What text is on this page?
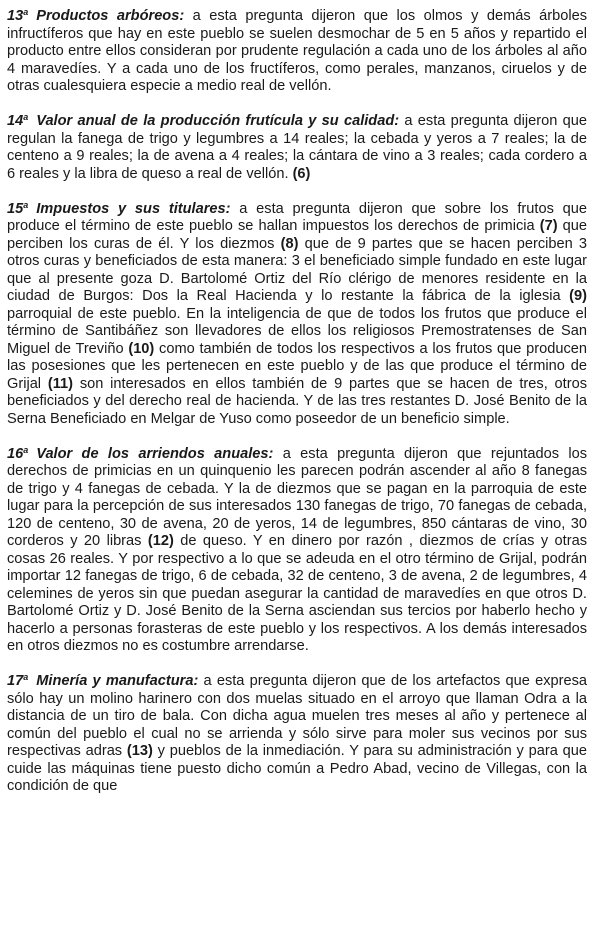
13$^a$ Productos arbóreos: a esta pregunta dijeron que los olmos y demás árboles infructíferos que hay en este pueblo se suelen desmochar de 5 en 5 años y repartido el producto entre ellos consideran por prudente regulación a cada uno de los árboles al año 4 maravedíes. Y a cada uno de los fructíferos, como perales, manzanos, ciruelos y de otras cualesquiera especie a medio real de vellón.

14$^a$ Valor anual de la producción frutícula y su calidad: a esta pregunta dijeron que regulan la fanega de trigo y legumbres a 14 reales; la cebada y yeros a 7 reales; la de centeno a 9 reales; la de avena a 4 reales; la cántara de vino a 3 reales; cada cordero a 6 reales y la libra de queso a real de vellón. (6)

15$^a$ Impuestos y sus titulares: a esta pregunta dijeron que sobre los frutos que produce el término de este pueblo se hallan impuestos los derechos de primicia (7) que perciben los curas de él. Y los diezmos (8) que de 9 partes que se hacen perciben 3 otros curas y beneficiados de esta manera: 3 el beneficiado simple fundado en este lugar que al presente goza D. Bartolomé Ortiz del Río clérigo de menores residente en la ciudad de Burgos: Dos la Real Hacienda y lo restante la fábrica de la iglesia (9) parroquial de este pueblo. En la inteligencia de que de todos los frutos que produce el término de Santibáñez son llevadores de ellos los religiosos Premostratenses de San Miguel de Treviño (10) como también de todos los respectivos a los frutos que producen las posesiones que les pertenecen en este pueblo y de las que produce el término de Grijal (11) son interesados en ellos también de 9 partes que se hacen de tres, otros beneficiados y del derecho real de hacienda. Y de las tres restantes D. José Benito de la Serna Beneficiado en Melgar de Yuso como poseedor de un beneficio simple.

16$^a$ Valor de los arriendos anuales: a esta pregunta dijeron que rejuntados los derechos de primicias en un quinquenio les parecen podrán ascender al año 8 fanegas de trigo y 4 fanegas de cebada. Y la de diezmos que se pagan en la parroquia de este lugar para la percepción de sus interesados 130 fanegas de trigo, 70 fanegas de cebada, 120 de centeno, 30 de avena, 20 de yeros, 14 de legumbres, 850 cántaras de vino, 30 corderos y 20 libras (12) de queso. Y en dinero por razón , diezmos de crías y otras cosas 26 reales. Y por respectivo a lo que se adeuda en el otro término de Grijal, podrán importar 12 fanegas de trigo, 6 de cebada, 32 de centeno, 3 de avena, 2 de legumbres, 4 celemines de yeros sin que puedan asegurar la cantidad de maravedíes en que otros D. Bartolomé Ortiz y D. José Benito de la Serna asciendan sus tercios por haberlo hecho y hacerlo a personas forasteras de este pueblo y los respectivos. A los demás interesados en otros diezmos no es costumbre arrendarse.

17$^a$ Minería y manufactura: a esta pregunta dijeron que de los artefactos que expresa sólo hay un molino harinero con dos muelas situado en el arroyo que llaman Odra a la distancia de un tiro de bala. Con dicha agua muelen tres meses al año y pertenece al común del pueblo el cual no se arrienda y sólo sirve para moler sus vecinos por sus respectivas adras (13) y pueblos de la inmediación. Y para su administración y para que cuide las máquinas tiene puesto dicho común a Pedro Abad, vecino de Villegas, con la condición de que
